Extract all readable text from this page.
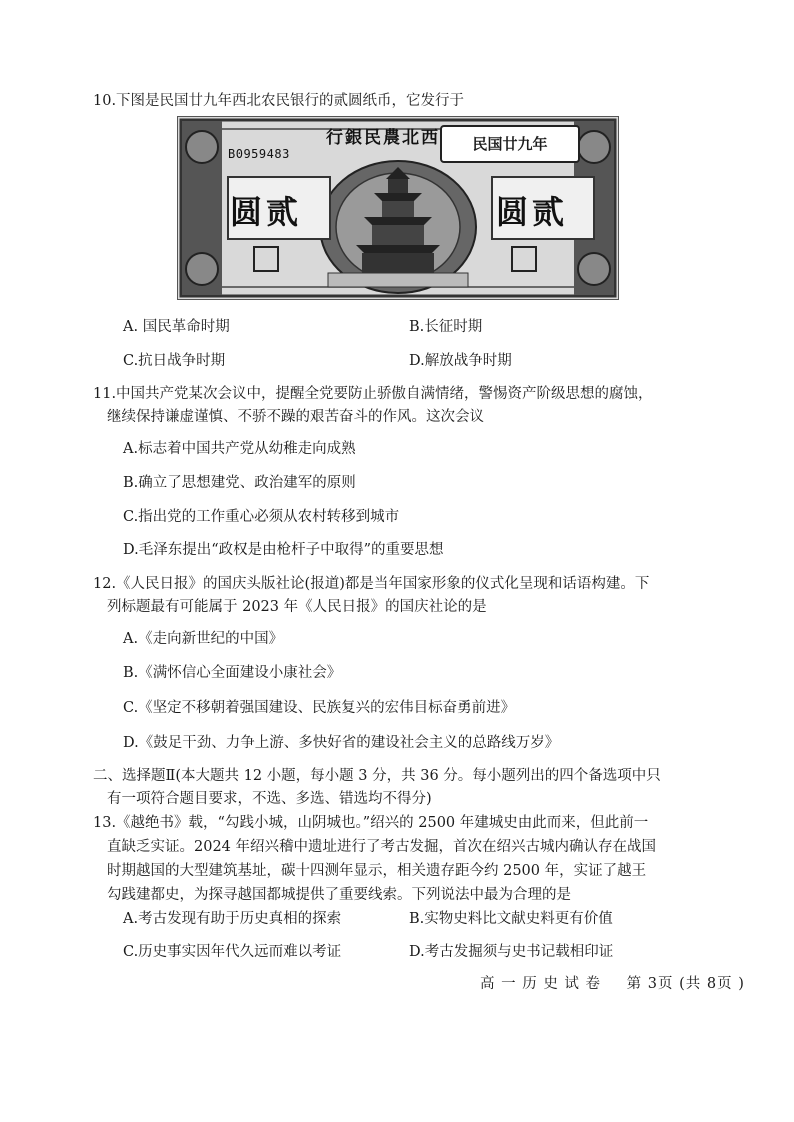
10.下图是民国廿九年西北农民银行的贰圆纸币，它发行于
行銀民農北西
B0959483
民国廿九年
圆贰	圆贰
A. 国民革命时期	B.长征时期
C.抗日战争时期	D.解放战争时期
11.中国共产党某次会议中，提醒全党要防止骄傲自满情绪，警惕资产阶级思想的腐蚀，
继续保持谦虚谨慎、不骄不躁的艰苦奋斗的作风。这次会议
A.标志着中国共产党从幼稚走向成熟
B.确立了思想建党、政治建军的原则
C.指出党的工作重心必须从农村转移到城市
D.毛泽东提出“政权是由枪杆子中取得”的重要思想
12.《人民日报》的国庆头版社论(报道)都是当年国家形象的仪式化呈现和话语构建。下
列标题最有可能属于 2023 年《人民日报》的国庆社论的是
A.《走向新世纪的中国》
B.《满怀信心全面建设小康社会》
C.《坚定不移朝着强国建设、民族复兴的宏伟目标奋勇前进》
D.《鼓足干劲、力争上游、多快好省的建设社会主义的总路线万岁》
二、选择题Ⅱ(本大题共 12 小题，每小题 3 分，共 36 分。每小题列出的四个备选项中只
有一项符合题目要求，不选、多选、错选均不得分)
13.《越绝书》载，“勾践小城，山阴城也。”绍兴的 2500 年建城史由此而来，但此前一
直缺乏实证。2024 年绍兴稽中遗址进行了考古发掘，首次在绍兴古城内确认存在战国
时期越国的大型建筑基址，碳十四测年显示，相关遗存距今约 2500 年，实证了越王
勾践建都史，为探寻越国都城提供了重要线索。下列说法中最为合理的是
A.考古发现有助于历史真相的探索	B.实物史料比文献史料更有价值
C.历史事实因年代久远而难以考证	D.考古发掘须与史书记载相印证
高 一 历 史 试 卷 第 3页 (共 8页 )
